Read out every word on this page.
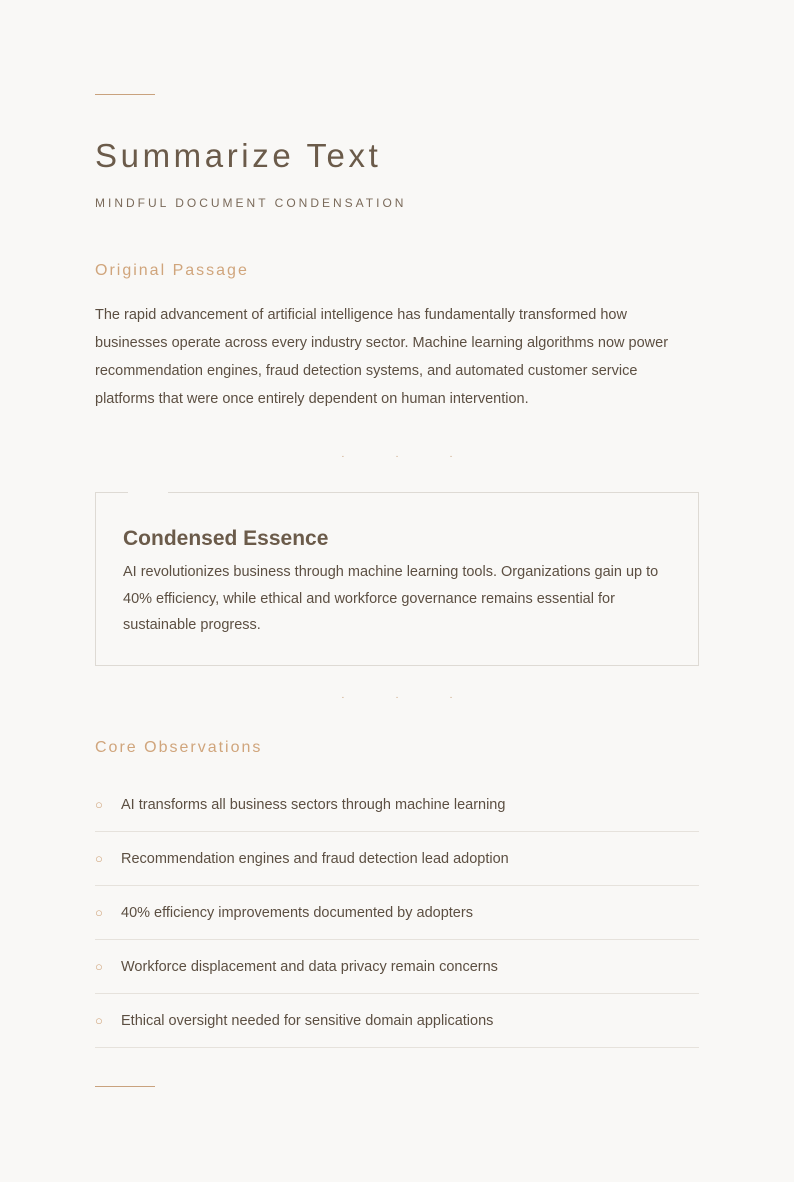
Summarize Text
MINDFUL DOCUMENT CONDENSATION
Original Passage

The rapid advancement of artificial intelligence has fundamentally transformed how businesses operate across every industry sector. Machine learning algorithms now power recommendation engines, fraud detection systems, and automated customer service platforms that were once entirely dependent on human intervention.

· · ·
Condensed Essence

AI revolutionizes business through machine learning tools. Organizations gain up to 40% efficiency, while ethical and workforce governance remains essential for sustainable progress.

· · ·
Core Observations
○ AI transforms all business sectors through machine learning
○ Recommendation engines and fraud detection lead adoption
○ 40% efficiency improvements documented by adopters
○ Workforce displacement and data privacy remain concerns
○ Ethical oversight needed for sensitive domain applications
